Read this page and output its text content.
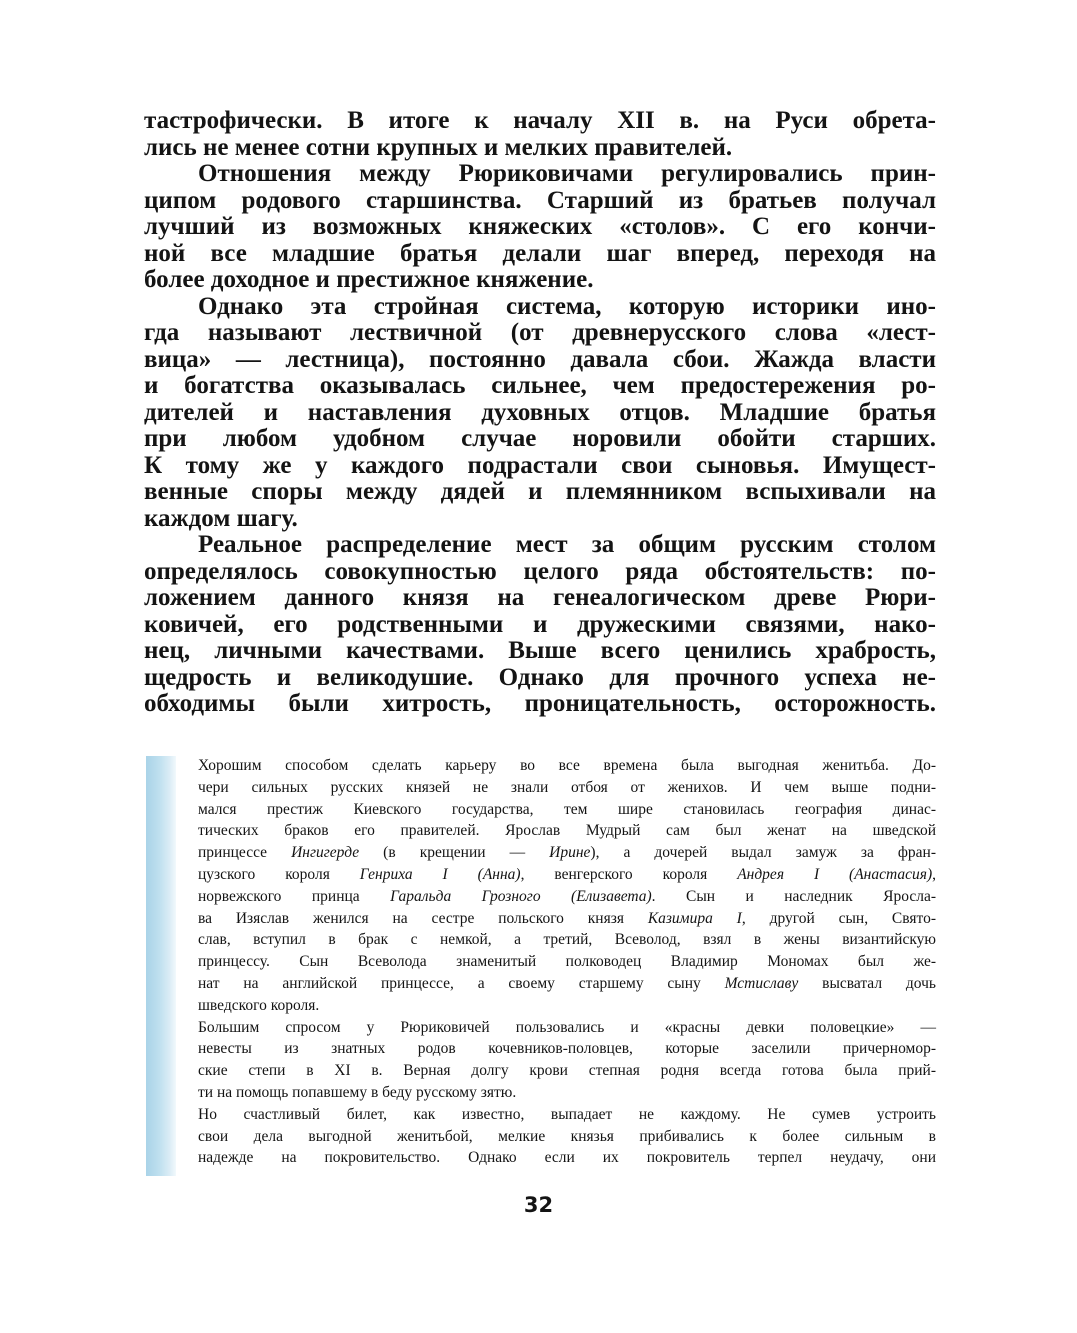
тастрофически. В итоге к началу XII в. на Руси обрета-
лись не менее сотни крупных и мелких правителей.
Отношения между Рюриковичами регулировались прин-
ципом родового старшинства. Старший из братьев получал
лучший из возможных княжеских «столов». С его кончи-
ной все младшие братья делали шаг вперед, переходя на
более доходное и престижное княжение.
Однако эта стройная система, которую историки ино-
гда называют лествичной (от древнерусского слова «лест-
вица» — лестница), постоянно давала сбои. Жажда власти
и богатства оказывалась сильнее, чем предостережения ро-
дителей и наставления духовных отцов. Младшие братья
при любом удобном случае норовили обойти старших.
К тому же у каждого подрастали свои сыновья. Имущест-
венные споры между дядей и племянником вспыхивали на
каждом шагу.
Реальное распределение мест за общим русским столом
определялось совокупностью целого ряда обстоятельств: по-
ложением данного князя на генеалогическом древе Рюри-
ковичей, его родственными и дружескими связями, нако-
нец, личными качествами. Выше всего ценились храбрость,
щедрость и великодушие. Однако для прочного успеха не-
обходимы были хитрость, проницательность, осторожность.
Хорошим способом сделать карьеру во все времена была выгодная женитьба. До-
чери сильных русских князей не знали отбоя от женихов. И чем выше подни-
мался престиж Киевского государства, тем шире становилась география динас-
тических браков его правителей. Ярослав Мудрый сам был женат на шведской
принцессе Ингигерде (в крещении — Ирине), а дочерей выдал замуж за фран-
цузского короля Генриха I (Анна), венгерского короля Андрея I (Анастасия),
норвежского принца Гаральда Грозного (Елизавета). Сын и наследник Яросла-
ва Изяслав женился на сестре польского князя Казимира I, другой сын, Свято-
слав, вступил в брак с немкой, а третий, Всеволод, взял в жены византийскую
принцессу. Сын Всеволода знаменитый полководец Владимир Мономах был же-
нат на английской принцессе, а своему старшему сыну Мстиславу высватал дочь
шведского короля.
Большим спросом у Рюриковичей пользовались и «красны девки половецкие» —
невесты из знатных родов кочевников-половцев, которые заселили причерномор-
ские степи в XI в. Верная долгу крови степная родня всегда готова была прий-
ти на помощь попавшему в беду русскому зятю.
Но счастливый билет, как известно, выпадает не каждому. Не сумев устроить
свои дела выгодной женитьбой, мелкие князья прибивались к более сильным в
надежде на покровительство. Однако если их покровитель терпел неудачу, они
32
